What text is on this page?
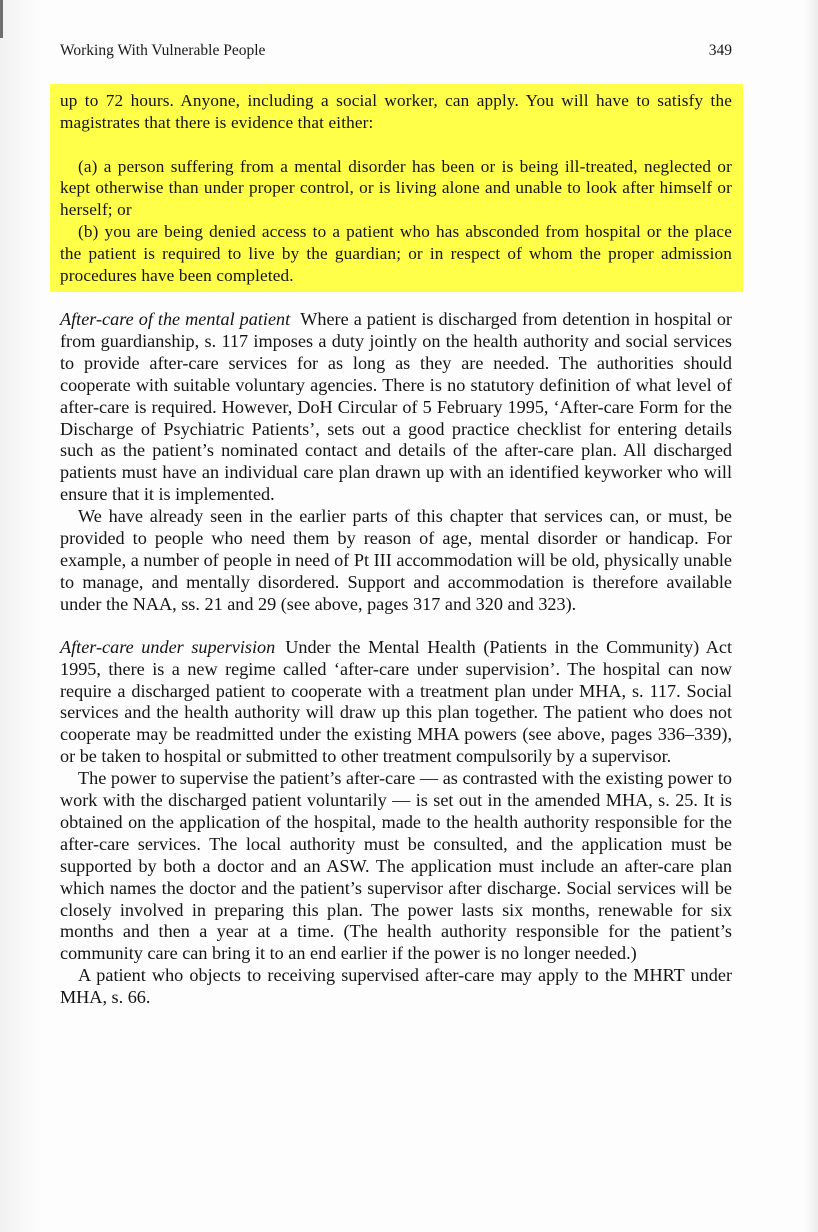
Working With Vulnerable People	349

up to 72 hours. Anyone, including a social worker, can apply. You will have to satisfy the magistrates that there is evidence that either:

(a) a person suffering from a mental disorder has been or is being ill-treated, neglected or kept otherwise than under proper control, or is living alone and unable to look after himself or herself; or

(b) you are being denied access to a patient who has absconded from hospital or the place the patient is required to live by the guardian; or in respect of whom the proper admission procedures have been completed.

After-care of the mental patient Where a patient is discharged from detention in hospital or from guardianship, s. 117 imposes a duty jointly on the health authority and social services to provide after-care services for as long as they are needed. The authorities should cooperate with suitable voluntary agencies. There is no statutory definition of what level of after-care is required. However, DoH Circular of 5 February 1995, ‘After-care Form for the Discharge of Psychiatric Patients’, sets out a good practice checklist for entering details such as the patient’s nominated contact and details of the after-care plan. All discharged patients must have an individual care plan drawn up with an identified keyworker who will ensure that it is implemented.

We have already seen in the earlier parts of this chapter that services can, or must, be provided to people who need them by reason of age, mental disorder or handicap. For example, a number of people in need of Pt III accommodation will be old, physically unable to manage, and mentally disordered. Support and accommodation is therefore available under the NAA, ss. 21 and 29 (see above, pages 317 and 320 and 323).

After-care under supervision Under the Mental Health (Patients in the Community) Act 1995, there is a new regime called ‘after-care under supervision’. The hospital can now require a discharged patient to cooperate with a treatment plan under MHA, s. 117. Social services and the health authority will draw up this plan together. The patient who does not cooperate may be readmitted under the existing MHA powers (see above, pages 336–339), or be taken to hospital or submitted to other treatment compulsorily by a supervisor.

The power to supervise the patient’s after-care — as contrasted with the existing power to work with the discharged patient voluntarily — is set out in the amended MHA, s. 25. It is obtained on the application of the hospital, made to the health authority responsible for the after-care services. The local authority must be consulted, and the application must be supported by both a doctor and an ASW. The application must include an after-care plan which names the doctor and the patient’s supervisor after discharge. Social services will be closely involved in preparing this plan. The power lasts six months, renewable for six months and then a year at a time. (The health authority responsible for the patient’s community care can bring it to an end earlier if the power is no longer needed.)

A patient who objects to receiving supervised after-care may apply to the MHRT under MHA, s. 66.
